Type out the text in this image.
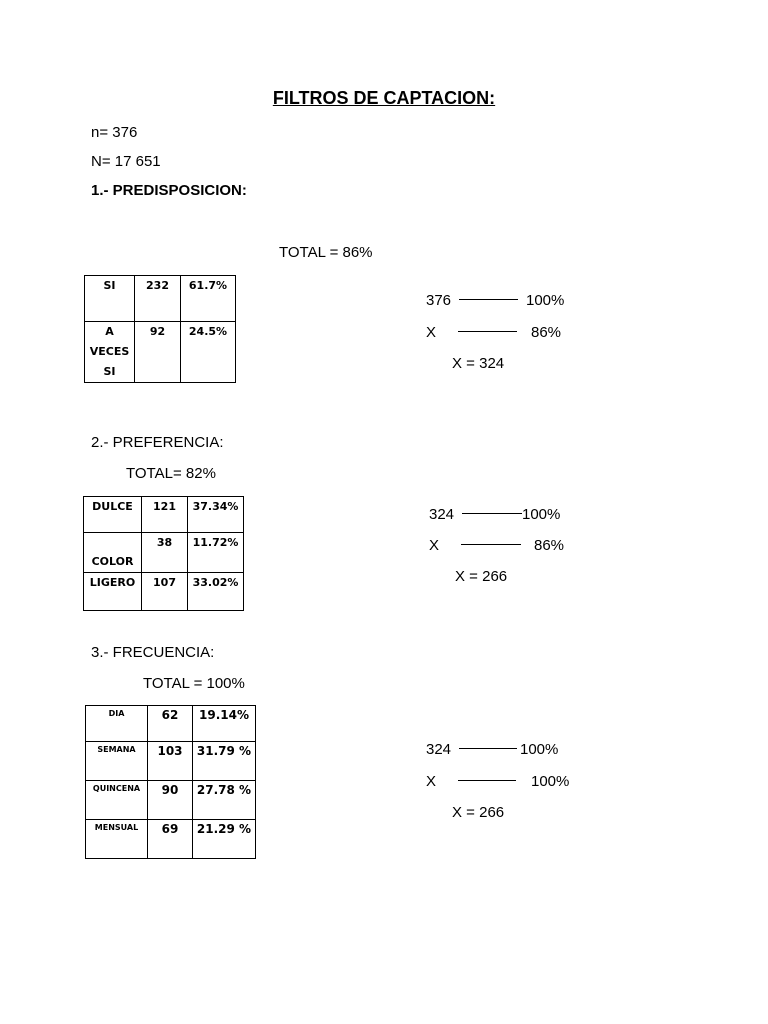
FILTROS DE CAPTACION:
n= 376
N= 17 651
1.- PREDISPOSICION:
TOTAL = 86%
SI	232	61.7%

A
VECES
SI	92	24.5%
376	100%
X	86%
X = 324
2.- PREFERENCIA:
TOTAL= 82%
DULCE	121	37.34%
COLOR	38	11.72%
LIGERO	107	33.02%
324	100%
X	86%
X = 266
3.- FRECUENCIA:
TOTAL = 100%
DIA	62	19.14%
SEMANA	103	31.79 %
QUINCENA	90	27.78 %
MENSUAL	69	21.29 %
324	100%
X	100%
X = 266
